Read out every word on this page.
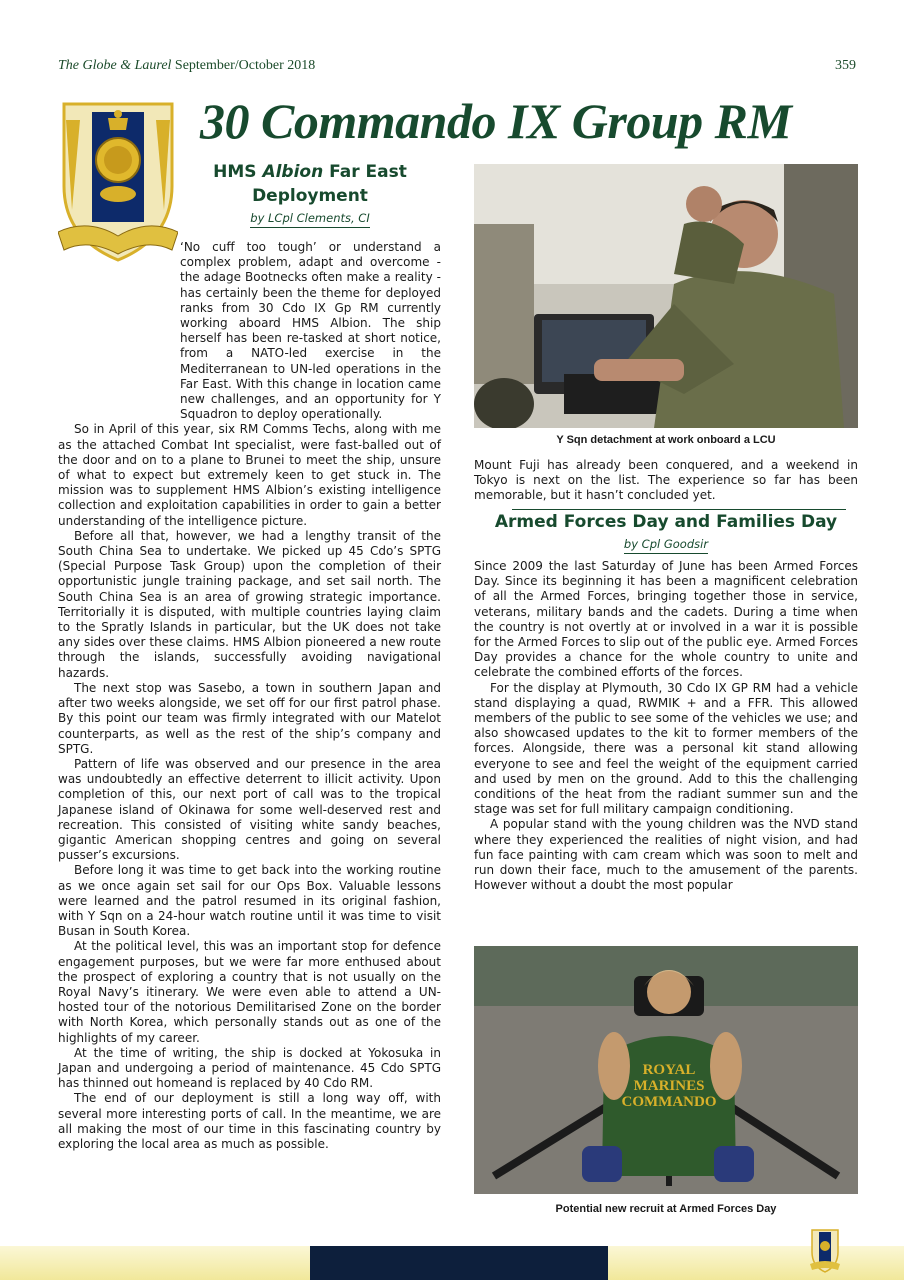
The Globe & Laurel September/October 2018	359
30 Commando IX Group RM
HMS Albion Far East Deployment
by LCpl Clements, CI

‘No cuff too tough’ or understand a complex problem, adapt and overcome - the adage Bootnecks often make a reality - has certainly been the theme for deployed ranks from 30 Cdo IX Gp RM currently working aboard HMS Albion. The ship herself has been re-tasked at short notice, from a NATO-led exercise in the Mediterranean to UN-led operations in the Far East. With this change in location came new challenges, and an opportunity for Y Squadron to deploy operationally.

So in April of this year, six RM Comms Techs, along with me as the attached Combat Int specialist, were fast-balled out of the door and on to a plane to Brunei to meet the ship, unsure of what to expect but extremely keen to get stuck in. The mission was to supplement HMS Albion’s existing intelligence collection and exploitation capabilities in order to gain a better understanding of the intelligence picture.

Before all that, however, we had a lengthy transit of the South China Sea to undertake. We picked up 45 Cdo’s SPTG (Special Purpose Task Group) upon the completion of their opportunistic jungle training package, and set sail north. The South China Sea is an area of growing strategic importance. Territorially it is disputed, with multiple countries laying claim to the Spratly Islands in particular, but the UK does not take any sides over these claims. HMS Albion pioneered a new route through the islands, successfully avoiding navigational hazards.

The next stop was Sasebo, a town in southern Japan and after two weeks alongside, we set off for our first patrol phase. By this point our team was firmly integrated with our Matelot counterparts, as well as the rest of the ship’s company and SPTG.

Pattern of life was observed and our presence in the area was undoubtedly an effective deterrent to illicit activity. Upon completion of this, our next port of call was to the tropical Japanese island of Okinawa for some well-deserved rest and recreation. This consisted of visiting white sandy beaches, gigantic American shopping centres and going on several pusser’s excursions.

Before long it was time to get back into the working routine as we once again set sail for our Ops Box. Valuable lessons were learned and the patrol resumed in its original fashion, with Y Sqn on a 24-hour watch routine until it was time to visit Busan in South Korea.

At the political level, this was an important stop for defence engagement purposes, but we were far more enthused about the prospect of exploring a country that is not usually on the Royal Navy’s itinerary. We were even able to attend a UN-hosted tour of the notorious Demilitarised Zone on the border with North Korea, which personally stands out as one of the highlights of my career.

At the time of writing, the ship is docked at Yokosuka in Japan and undergoing a period of maintenance. 45 Cdo SPTG has thinned out homeand is replaced by 40 Cdo RM.

The end of our deployment is still a long way off, with several more interesting ports of call. In the meantime, we are all making the most of our time in this fascinating country by exploring the local area as much as possible.

Y Sqn detachment at work onboard a LCU

Mount Fuji has already been conquered, and a weekend in Tokyo is next on the list. The experience so far has been memorable, but it hasn’t concluded yet.

Armed Forces Day and Families Day
by Cpl Goodsir

Since 2009 the last Saturday of June has been Armed Forces Day. Since its beginning it has been a magnificent celebration of all the Armed Forces, bringing together those in service, veterans, military bands and the cadets. During a time when the country is not overtly at or involved in a war it is possible for the Armed Forces to slip out of the public eye. Armed Forces Day provides a chance for the whole country to unite and celebrate the combined efforts of the forces.

For the display at Plymouth, 30 Cdo IX GP RM had a vehicle stand displaying a quad, RWMIK + and a FFR. This allowed members of the public to see some of the vehicles we use; and also showcased updates to the kit to former members of the forces. Alongside, there was a personal kit stand allowing everyone to see and feel the weight of the equipment carried and used by men on the ground. Add to this the challenging conditions of the heat from the radiant summer sun and the stage was set for full military campaign conditioning.

A popular stand with the young children was the NVD stand where they experienced the realities of night vision, and had fun face painting with cam cream which was soon to melt and run down their face, much to the amusement of the parents. However without a doubt the most popular

ROYAL
MARINES
COMMANDO
Potential new recruit at Armed Forces Day
